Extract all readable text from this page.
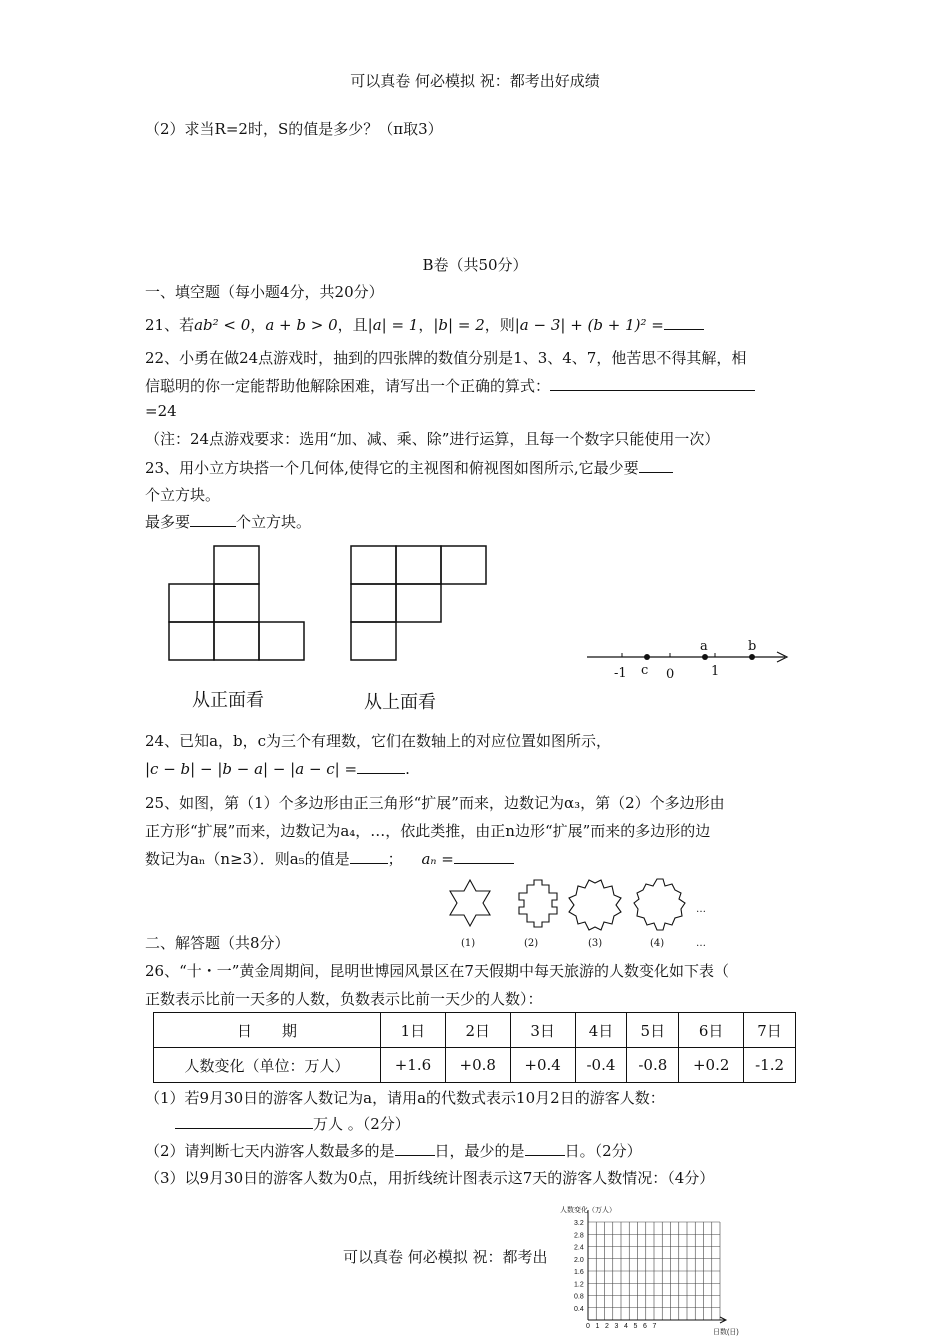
可以真卷 何必模拟 祝：都考出好成绩
（2）求当R=2时，S的值是多少？（π取3）
B卷（共50分）
一、填空题（每小题4分，共20分）
21、若ab² < 0，a + b > 0，且|a| = 1，|b| = 2，则|a − 3| + (b + 1)² =
22、小勇在做24点游戏时，抽到的四张牌的数值分别是1、3、4、7，他苦思不得其解，相
信聪明的你一定能帮助他解除困难，请写出一个正确的算式：
=24
（注：24点游戏要求：选用“加、减、乘、除”进行运算，且每一个数字只能使用一次）
23、用小立方块搭一个几何体,使得它的主视图和俯视图如图所示,它最少要
个立方块。
最多要	个立方块。
从正面看	从上面看
-1 c 0
a
1
b
24、已知a，b，c为三个有理数，它们在数轴上的对应位置如图所示，
|c − b| − |b − a| − |a − c| =	.
25、如图，第（1）个多边形由正三角形“扩展”而来，边数记为α₃，第（2）个多边形由
正方形“扩展”而来，边数记为a₄，…，依此类推，由正n边形“扩展”而来的多边形的边
数记为aₙ（n≥3）．则a₅的值是	； aₙ =
(1)	(2)	(3)	(4)	…
…
二、解答题（共8分）
26、“十・一”黄金周期间，昆明世博园风景区在7天假期中每天旅游的人数变化如下表（
正数表示比前一天多的人数，负数表示比前一天少的人数）：
日　　期	1日	2日	3日	4日	5日	6日	7日
人数变化（单位：万人）	+1.6	+0.8	+0.4	-0.4	-0.8	+0.2	-1.2
（1）若9月30日的游客人数记为a，请用a的代数式表示10月2日的游客人数：
万人 。（2分）
（2）请判断七天内游客人数最多的是	日，最少的是	日。（2分）
（3）以9月30日的游客人数为0点，用折线统计图表示这7天的游客人数情况：（4分）
0.4
0.8
1.2
1.6
2.0
2.4
2.8
3.2
0 1 2 3 4 5 6 7
人数变化（万人）
日数(日)
可以真卷 何必模拟 祝：都考出
